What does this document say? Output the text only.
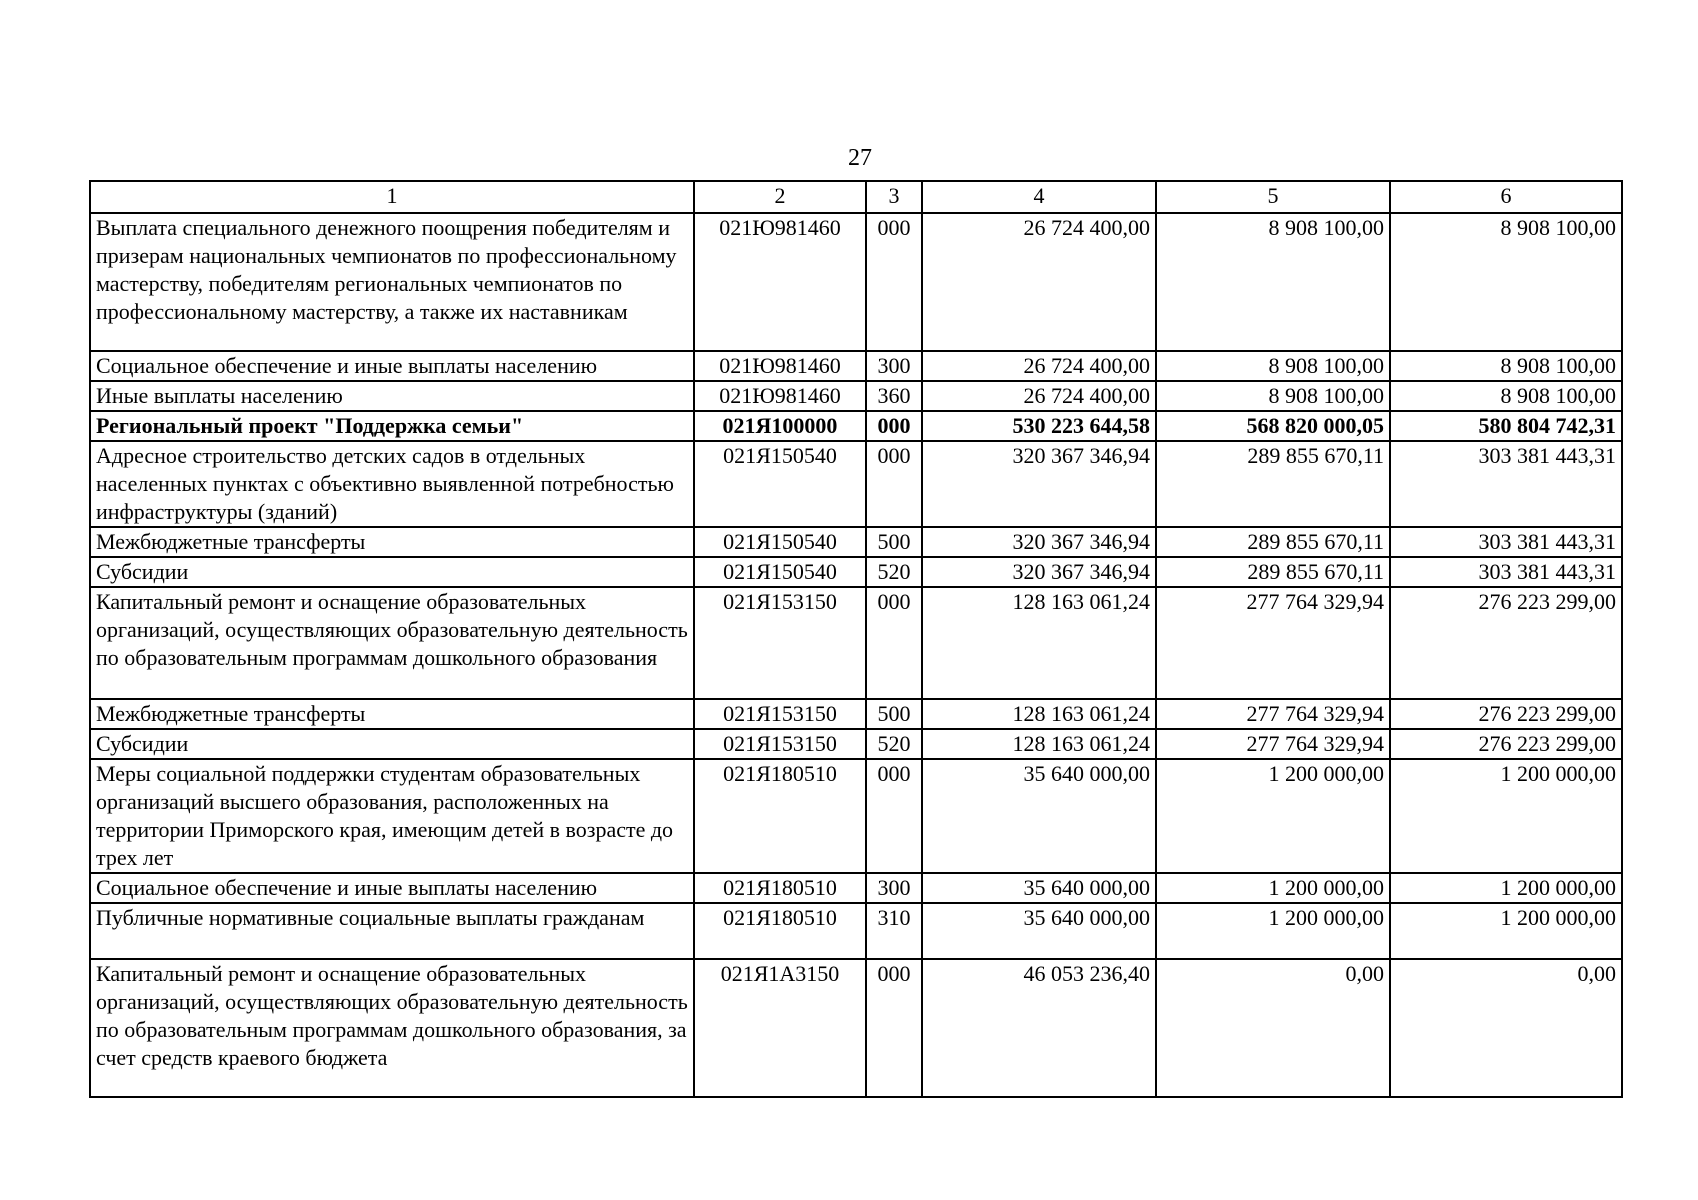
27
1	2	3	4	5	6
Выплата специального денежного поощрения победителям и призерам национальных чемпионатов по профессиональному мастерству, победителям региональных чемпионатов по профессиональному мастерству, а также их наставникам	021Ю981460	000	26 724 400,00	8 908 100,00	8 908 100,00
Социальное обеспечение и иные выплаты населению	021Ю981460	300	26 724 400,00	8 908 100,00	8 908 100,00
Иные выплаты населению	021Ю981460	360	26 724 400,00	8 908 100,00	8 908 100,00
Региональный проект "Поддержка семьи"	021Я100000	000	530 223 644,58	568 820 000,05	580 804 742,31
Адресное строительство детских садов в отдельных населенных пунктах с объективно выявленной потребностью инфраструктуры (зданий)	021Я150540	000	320 367 346,94	289 855 670,11	303 381 443,31
Межбюджетные трансферты	021Я150540	500	320 367 346,94	289 855 670,11	303 381 443,31
Субсидии	021Я150540	520	320 367 346,94	289 855 670,11	303 381 443,31
Капитальный ремонт и оснащение образовательных организаций, осуществляющих образовательную деятельность по образовательным программам дошкольного образования	021Я153150	000	128 163 061,24	277 764 329,94	276 223 299,00
Межбюджетные трансферты	021Я153150	500	128 163 061,24	277 764 329,94	276 223 299,00
Субсидии	021Я153150	520	128 163 061,24	277 764 329,94	276 223 299,00
Меры социальной поддержки студентам образовательных организаций высшего образования, расположенных на территории Приморского края, имеющим детей в возрасте до трех лет	021Я180510	000	35 640 000,00	1 200 000,00	1 200 000,00
Социальное обеспечение и иные выплаты населению	021Я180510	300	35 640 000,00	1 200 000,00	1 200 000,00
Публичные нормативные социальные выплаты гражданам	021Я180510	310	35 640 000,00	1 200 000,00	1 200 000,00
Капитальный ремонт и оснащение образовательных организаций, осуществляющих образовательную деятельность по образовательным программам дошкольного образования, за счет средств краевого бюджета	021Я1А3150	000	46 053 236,40	0,00	0,00
